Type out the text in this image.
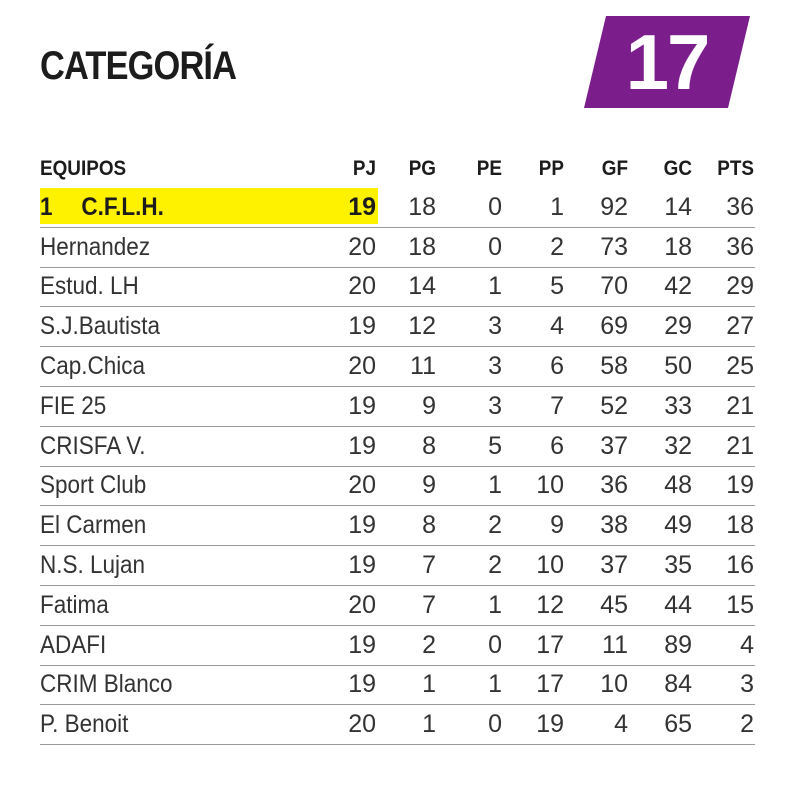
CATEGORÍA	17
EQUIPOS	PJ	PG	PE	PP	GF	GC	PTS
1 C.F.L.H.	19	18	0	1	92	14	36
Hernandez	20	18	0	2	73	18	36
Estud. LH	20	14	1	5	70	42	29
S.J.Bautista	19	12	3	4	69	29	27
Cap.Chica	20	11	3	6	58	50	25
FIE 25	19	9	3	7	52	33	21
CRISFA V.	19	8	5	6	37	32	21
Sport Club	20	9	1	10	36	48	19
El Carmen	19	8	2	9	38	49	18
N.S. Lujan	19	7	2	10	37	35	16
Fatima	20	7	1	12	45	44	15
ADAFI	19	2	0	17	11	89	4
CRIM Blanco	19	1	1	17	10	84	3
P. Benoit	20	1	0	19	4	65	2
